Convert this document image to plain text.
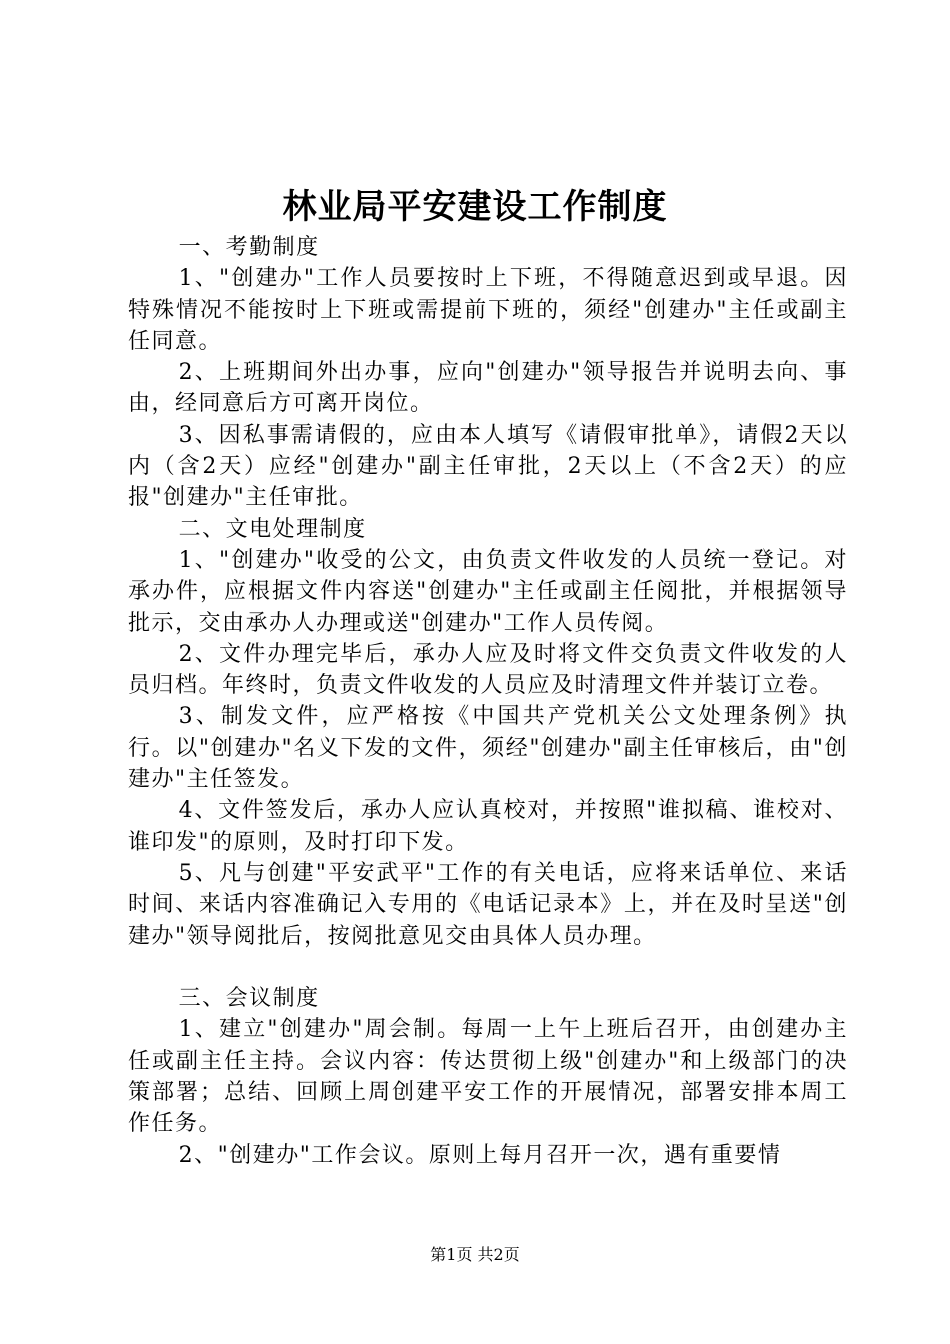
林业局平安建设工作制度

一、考勤制度

1、"创建办"工作人员要按时上下班，不得随意迟到或早退。因特殊情况不能按时上下班或需提前下班的，须经"创建办"主任或副主任同意。

2、上班期间外出办事，应向"创建办"领导报告并说明去向、事由，经同意后方可离开岗位。

3、因私事需请假的，应由本人填写《请假审批单》，请假2天以内（含2天）应经"创建办"副主任审批，2天以上（不含2天）的应报"创建办"主任审批。

二、文电处理制度

1、"创建办"收受的公文，由负责文件收发的人员统一登记。对承办件，应根据文件内容送"创建办"主任或副主任阅批，并根据领导批示，交由承办人办理或送"创建办"工作人员传阅。

2、文件办理完毕后，承办人应及时将文件交负责文件收发的人员归档。年终时，负责文件收发的人员应及时清理文件并装订立卷。

3、制发文件，应严格按《中国共产党机关公文处理条例》执行。以"创建办"名义下发的文件，须经"创建办"副主任审核后，由"创建办"主任签发。

4、文件签发后，承办人应认真校对，并按照"谁拟稿、谁校对、谁印发"的原则，及时打印下发。

5、凡与创建"平安武平"工作的有关电话，应将来话单位、来话时间、来话内容准确记入专用的《电话记录本》上，并在及时呈送"创建办"领导阅批后，按阅批意见交由具体人员办理。

三、会议制度

1、建立"创建办"周会制。每周一上午上班后召开，由创建办主任或副主任主持。会议内容：传达贯彻上级"创建办"和上级部门的决策部署；总结、回顾上周创建平安工作的开展情况，部署安排本周工作任务。

2、"创建办"工作会议。原则上每月召开一次，遇有重要情

第1页 共2页
